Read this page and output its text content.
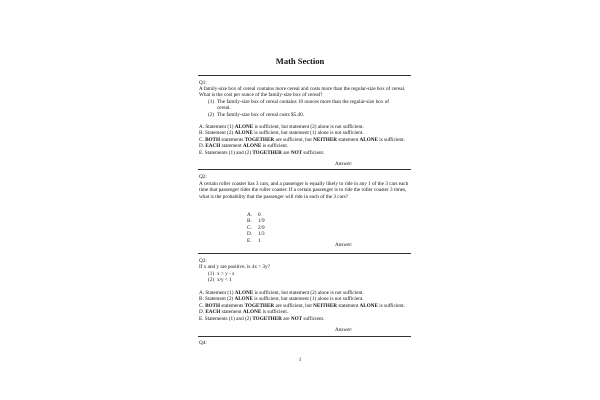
Math Section
Q1:
A family-size box of cereal contains more cereal and costs more than the regular-size box of cereal. What is the cost per ounce of the family-size box of cereal?
(1) The family-size box of cereal contains 10 ounces more than the regular-size box of cereal.
(2) The family-size box of cereal costs $5.40.
A. Statement (1) ALONE is sufficient, but statement (2) alone is not sufficient.
B. Statement (2) ALONE is sufficient, but statement (1) alone is not sufficient.
C. BOTH statements TOGETHER are sufficient, but NEITHER statement ALONE is sufficient.
D. EACH statement ALONE is sufficient.
E. Statements (1) and (2) TOGETHER are NOT sufficient.
Answer:
Q2:
A certain roller coaster has 3 cars, and a passenger is equally likely to ride in any 1 of the 3 cars each time that passenger rides the roller coaster. If a certain passenger is to ride the roller coaster 3 times, what is the probability that the passenger will ride in each of the 3 cars?
A. 0
B. 1/9
C. 2/9
D. 1/3
E. 1
Answer:
Q3:
If x and y are positive, is 4x > 3y?
(1) x > y - x
(2) x/y < 1
A. Statement (1) ALONE is sufficient, but statement (2) alone is not sufficient.
B. Statement (2) ALONE is sufficient, but statement (1) alone is not sufficient.
C. BOTH statements TOGETHER are sufficient, but NEITHER statement ALONE is sufficient.
D. EACH statement ALONE is sufficient.
E. Statements (1) and (2) TOGETHER are NOT sufficient.
Answer:
Q4:
1
